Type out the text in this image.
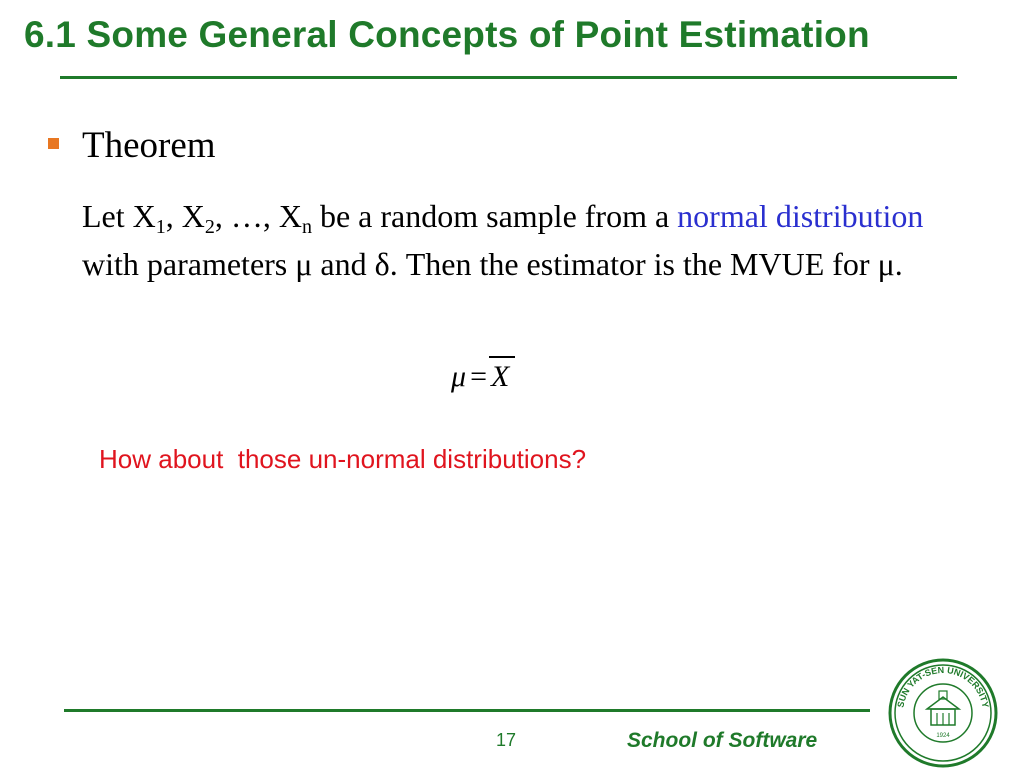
6.1 Some General Concepts of Point Estimation
Theorem
Let $X_1$, $X_2$, …, $X_n$ be a random sample from a normal distribution with parameters μ and δ. Then the estimator is the MVUE for μ.
μ = X
How about  those un-normal distributions?
17	School of Software
SUN YAT-SEN UNIVERSITY
1924
